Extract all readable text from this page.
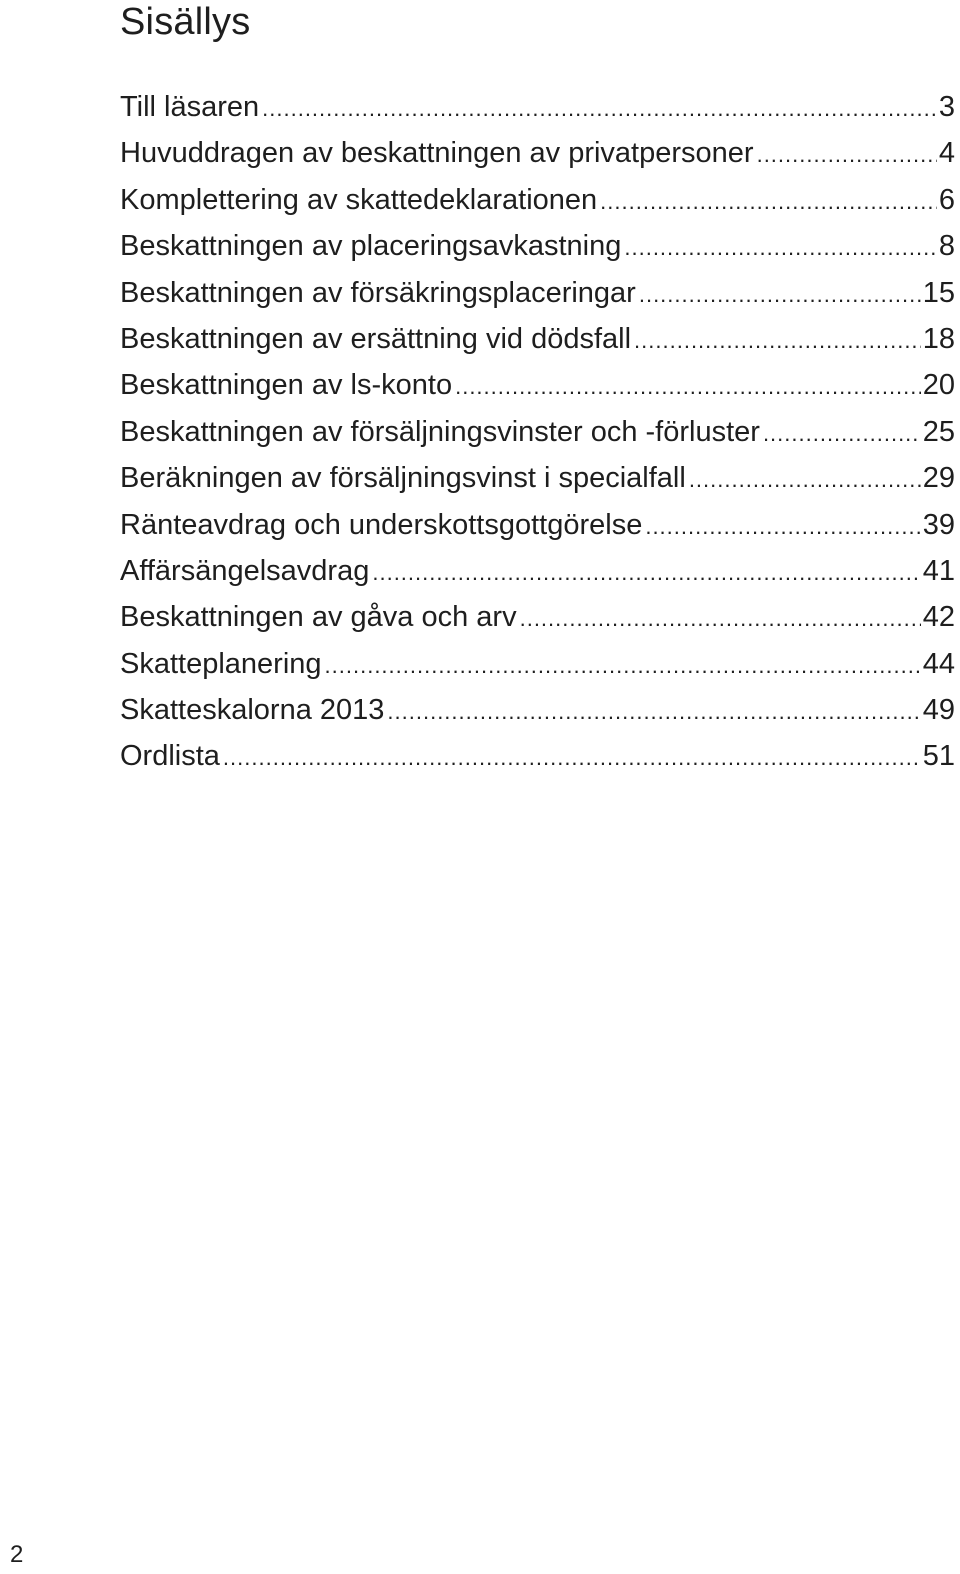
Sisällys
Till läsaren .....	3
Huvuddragen av beskattningen av privatpersoner .....	4
Komplettering av skattedeklarationen .....	6
Beskattningen av placeringsavkastning .....	8
Beskattningen av försäkringsplaceringar .....	15
Beskattningen av ersättning vid dödsfall .....	18
Beskattningen av ls-konto .....	20
Beskattningen av försäljningsvinster och -förluster .....	25
Beräkningen av försäljningsvinst i specialfall .....	29
Ränteavdrag och underskottsgottgörelse .....	39
Affärsängelsavdrag .....	41
Beskattningen av gåva och arv .....	42
Skatteplanering .....	44
Skatteskalorna 2013 .....	49
Ordlista .....	51
2
